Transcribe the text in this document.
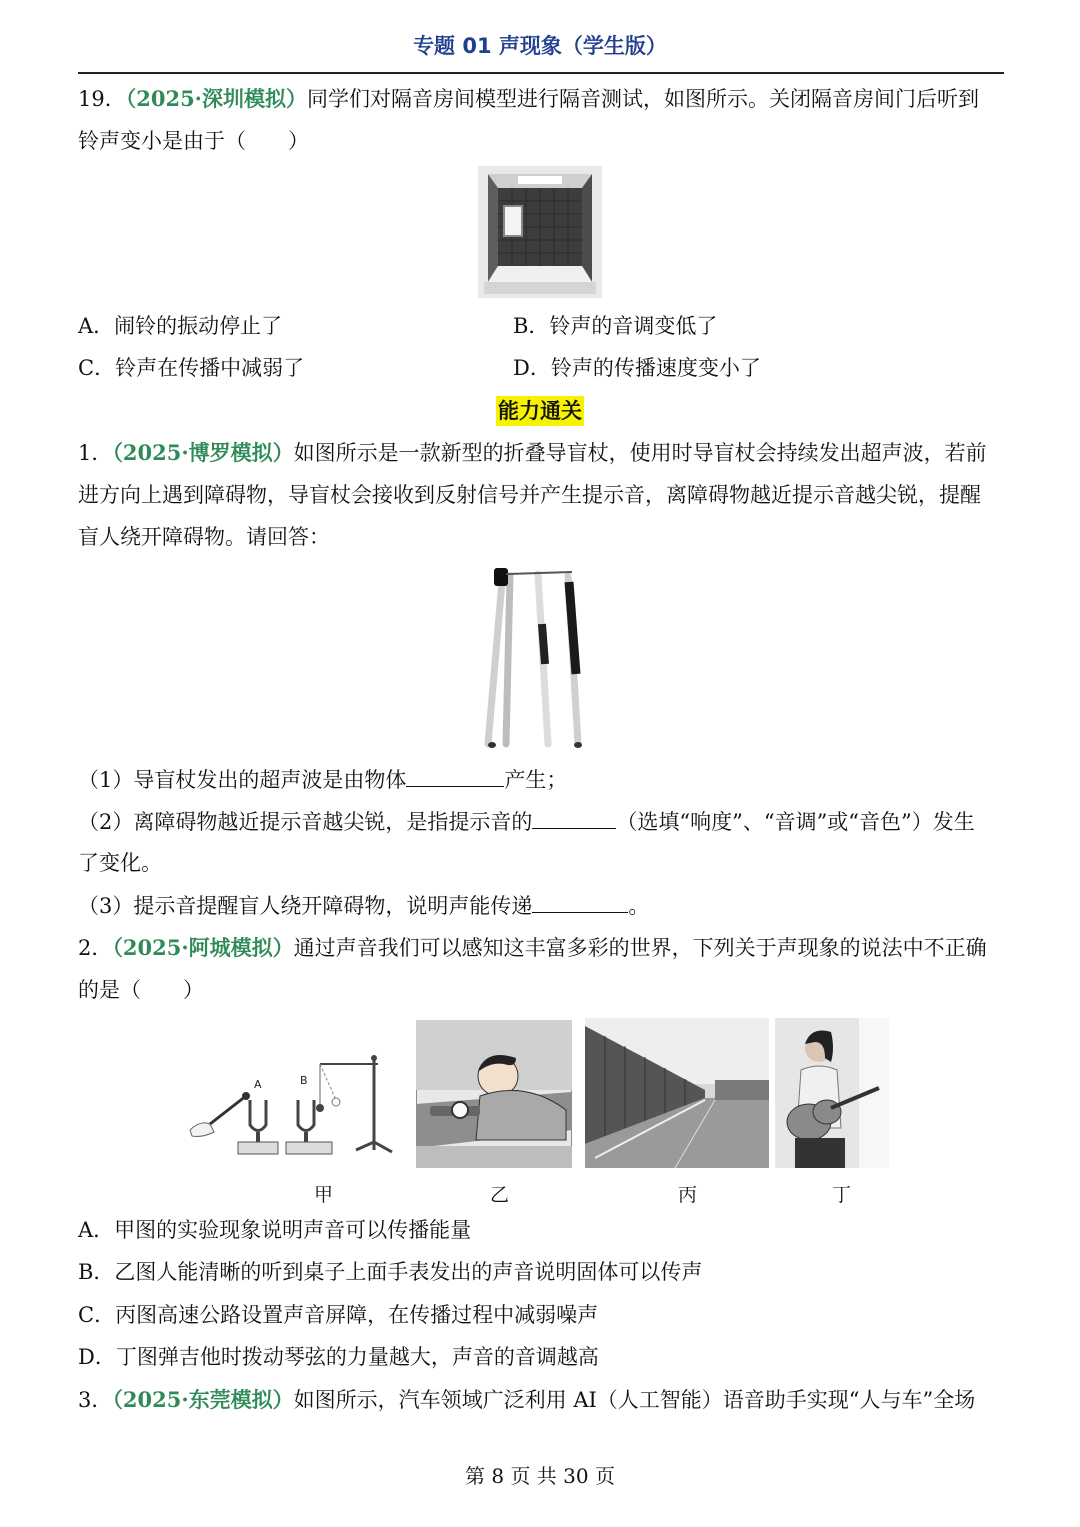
专题 01 声现象（学生版）
19．（2025·深圳模拟）同学们对隔音房间模型进行隔音测试，如图所示。关闭隔音房间门后听到
铃声变小是由于（　　）
A．闹铃的振动停止了	B．铃声的音调变低了
C．铃声在传播中减弱了	D．铃声的传播速度变小了
能力通关
1．（2025·博罗模拟）如图所示是一款新型的折叠导盲杖，使用时导盲杖会持续发出超声波，若前
进方向上遇到障碍物，导盲杖会接收到反射信号并产生提示音，离障碍物越近提示音越尖锐，提醒
盲人绕开障碍物。请回答：
（1）导盲杖发出的超声波是由物体	产生；
（2）离障碍物越近提示音越尖锐，是指提示音的	（选填“响度”、“音调”或“音色”）发生
了变化。
（3）提示音提醒盲人绕开障碍物，说明声能传递	。
2．（2025·阿城模拟）通过声音我们可以感知这丰富多彩的世界，下列关于声现象的说法中不正确
的是（　　）
A	B
甲	乙	丙	丁
A．甲图的实验现象说明声音可以传播能量
B．乙图人能清晰的听到桌子上面手表发出的声音说明固体可以传声
C．丙图高速公路设置声音屏障，在传播过程中减弱噪声
D．丁图弹吉他时拨动琴弦的力量越大，声音的音调越高
3．（2025·东莞模拟）如图所示，汽车领域广泛利用 AI（人工智能）语音助手实现“人与车”全场
第 8 页 共 30 页
